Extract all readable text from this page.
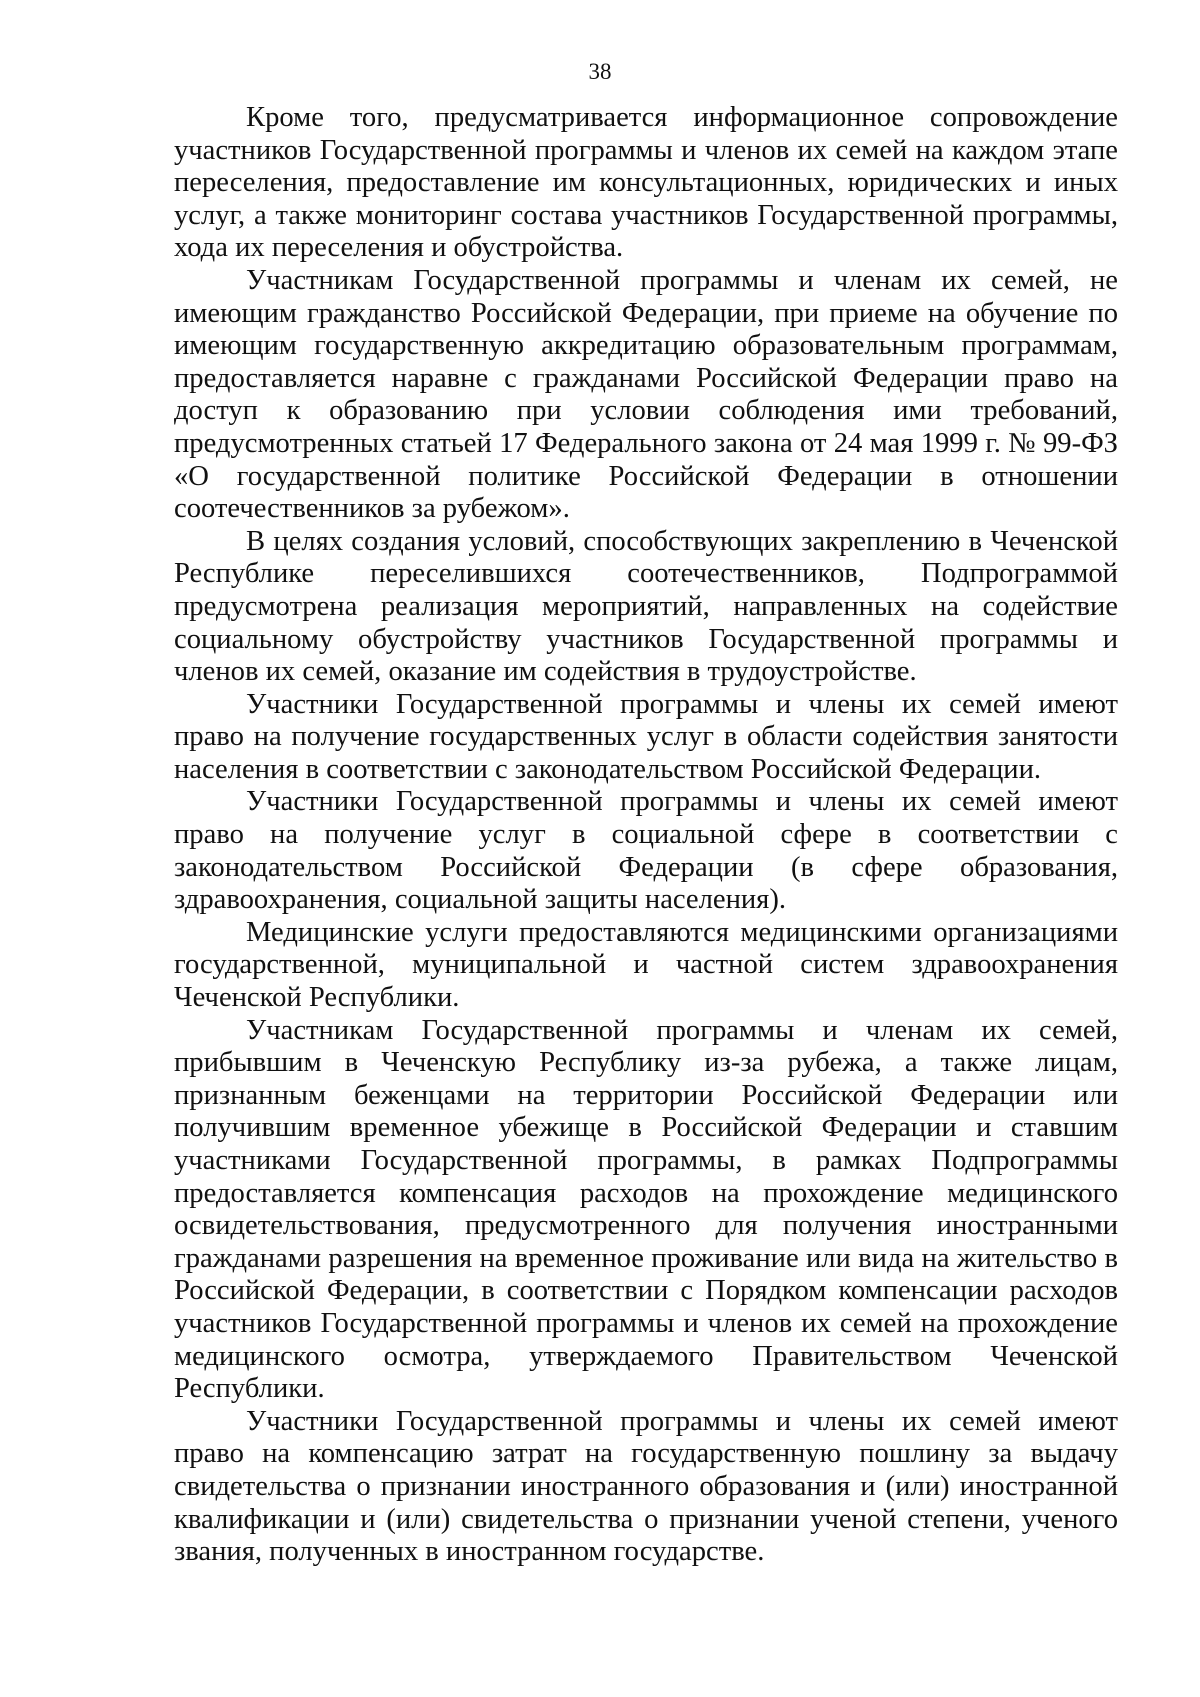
38

Кроме того, предусматривается информационное сопровождение участников Государственной программы и членов их семей на каждом этапе переселения, предоставление им консультационных, юридических и иных услуг, а также мониторинг состава участников Государственной программы, хода их переселения и обустройства.

Участникам Государственной программы и членам их семей, не имеющим гражданство Российской Федерации, при приеме на обучение по имеющим государственную аккредитацию образовательным программам, предоставляется наравне с гражданами Российской Федерации право на доступ к образованию при условии соблюдения ими требований, предусмотренных статьей 17 Федерального закона от 24 мая 1999 г. № 99-ФЗ «О государственной политике Российской Федерации в отношении соотечественников за рубежом».

В целях создания условий, способствующих закреплению в Чеченской Республике переселившихся соотечественников, Подпрограммой предусмотрена реализация мероприятий, направленных на содействие социальному обустройству участников Государственной программы и членов их семей, оказание им содействия в трудоустройстве.

Участники Государственной программы и члены их семей имеют право на получение государственных услуг в области содействия занятости населения в соответствии с законодательством Российской Федерации.

Участники Государственной программы и члены их семей имеют право на получение услуг в социальной сфере в соответствии с законодательством Российской Федерации (в сфере образования, здравоохранения, социальной защиты населения).

Медицинские услуги предоставляются медицинскими организациями государственной, муниципальной и частной систем здравоохранения Чеченской Республики.

Участникам Государственной программы и членам их семей, прибывшим в Чеченскую Республику из-за рубежа, а также лицам, признанным беженцами на территории Российской Федерации или получившим временное убежище в Российской Федерации и ставшим участниками Государственной программы, в рамках Подпрограммы предоставляется компенсация расходов на прохождение медицинского освидетельствования, предусмотренного для получения иностранными гражданами разрешения на временное проживание или вида на жительство в Российской Федерации, в соответствии с Порядком компенсации расходов участников Государственной программы и членов их семей на прохождение медицинского осмотра, утверждаемого Правительством Чеченской Республики.

Участники Государственной программы и члены их семей имеют право на компенсацию затрат на государственную пошлину за выдачу свидетельства о признании иностранного образования и (или) иностранной квалификации и (или) свидетельства о признании ученой степени, ученого звания, полученных в иностранном государстве.
